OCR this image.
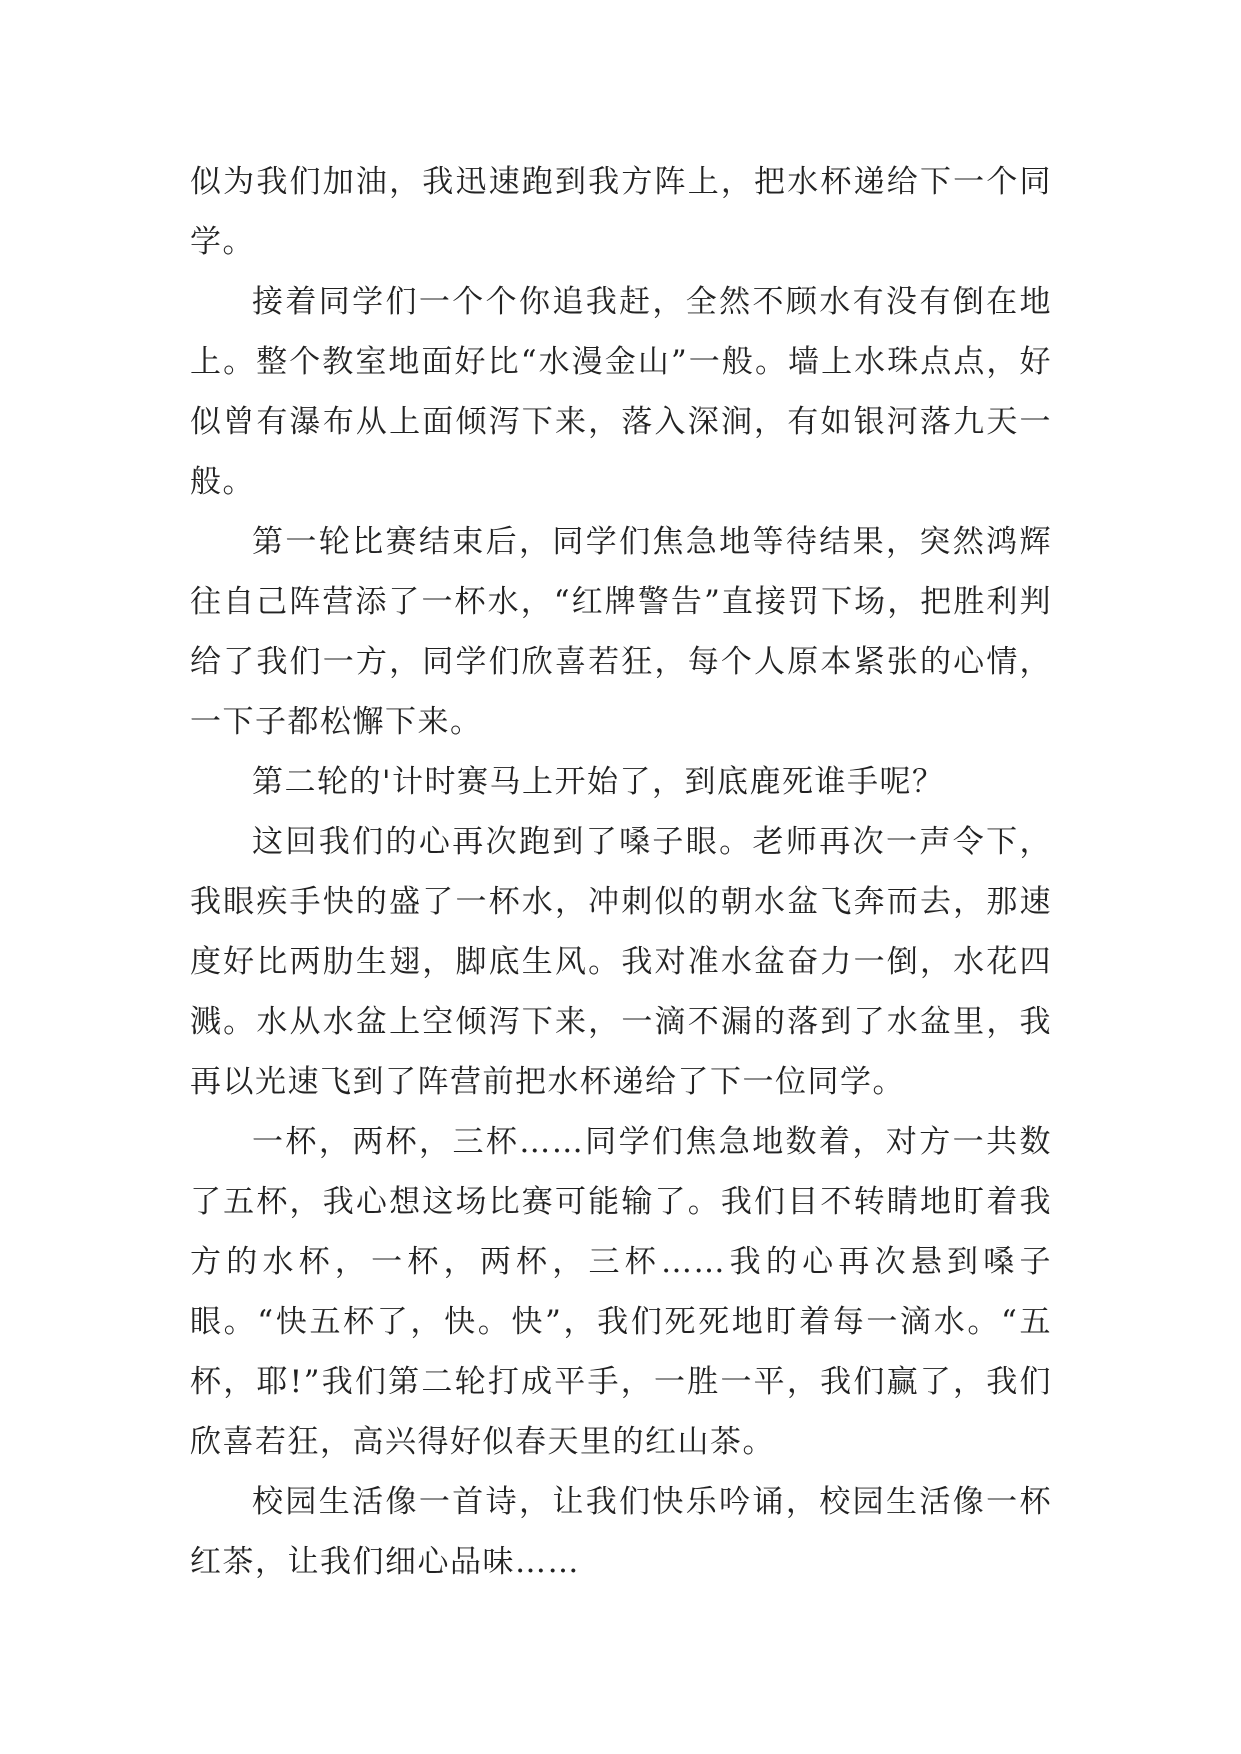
似为我们加油，我迅速跑到我方阵上，把水杯递给下一个同学。

接着同学们一个个你追我赶，全然不顾水有没有倒在地上。整个教室地面好比“水漫金山”一般。墙上水珠点点，好似曾有瀑布从上面倾泻下来，落入深涧，有如银河落九天一般。

第一轮比赛结束后，同学们焦急地等待结果，突然鸿辉往自己阵营添了一杯水，“红牌警告”直接罚下场，把胜利判给了我们一方，同学们欣喜若狂，每个人原本紧张的心情，一下子都松懈下来。

第二轮的'计时赛马上开始了，到底鹿死谁手呢？

这回我们的心再次跑到了嗓子眼。老师再次一声令下，我眼疾手快的盛了一杯水，冲刺似的朝水盆飞奔而去，那速度好比两肋生翅，脚底生风。我对准水盆奋力一倒，水花四溅。水从水盆上空倾泻下来，一滴不漏的落到了水盆里，我再以光速飞到了阵营前把水杯递给了下一位同学。

一杯，两杯，三杯……同学们焦急地数着，对方一共数了五杯，我心想这场比赛可能输了。我们目不转睛地盯着我方的水杯，一杯，两杯，三杯……我的心再次悬到嗓子眼。“快五杯了，快。快”，我们死死地盯着每一滴水。“五杯，耶!”我们第二轮打成平手，一胜一平，我们赢了，我们欣喜若狂，高兴得好似春天里的红山茶。

校园生活像一首诗，让我们快乐吟诵，校园生活像一杯红茶，让我们细心品味……
